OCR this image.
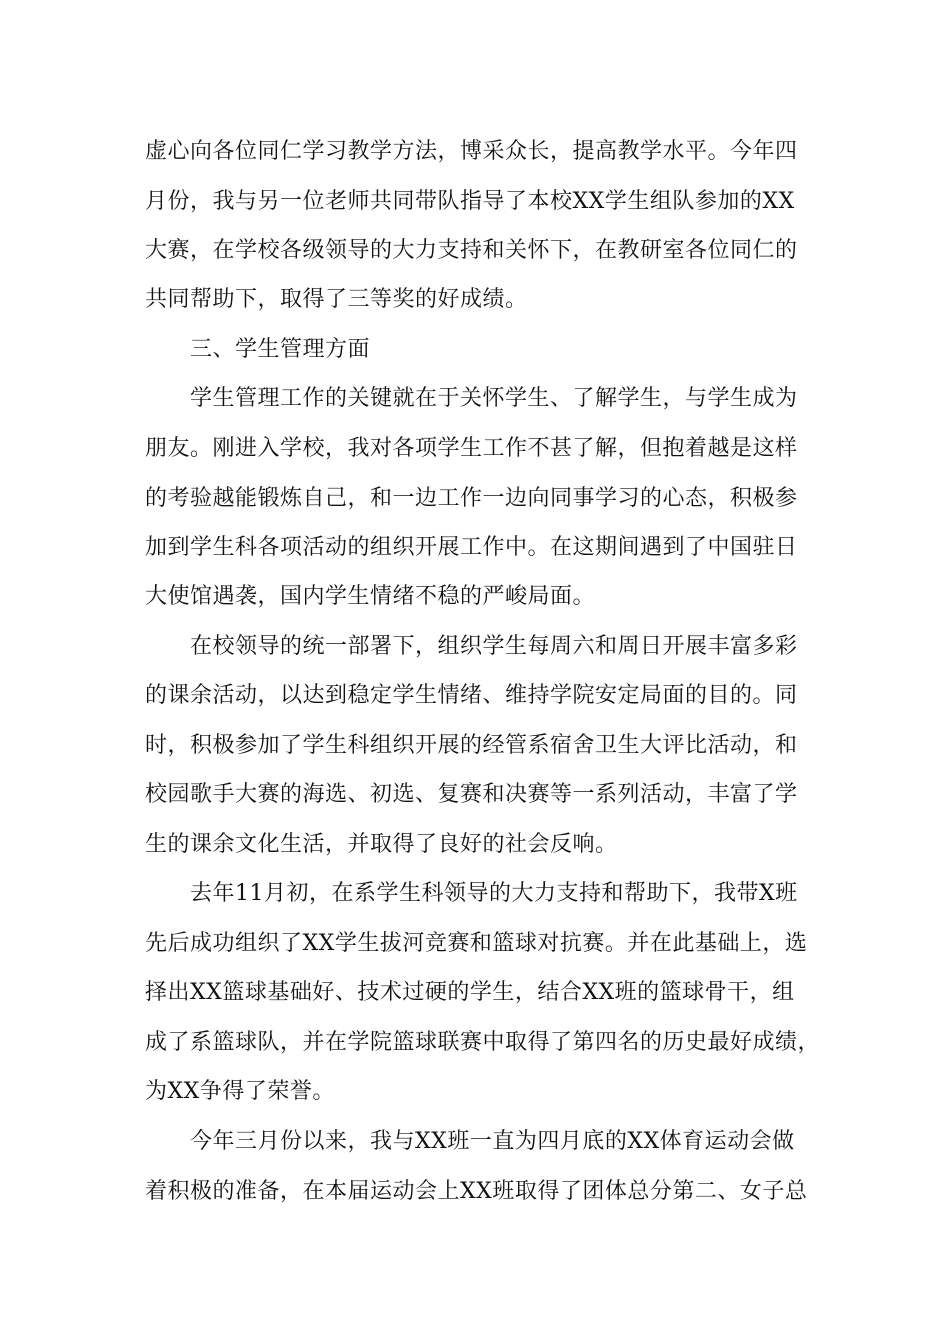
虚心向各位同仁学习教学方法，博采众长，提高教学水平。今年四
月份，我与另一位老师共同带队指导了本校XX学生组队参加的XX
大赛，在学校各级领导的大力支持和关怀下，在教研室各位同仁的
共同帮助下，取得了三等奖的好成绩。
三、学生管理方面
学生管理工作的关键就在于关怀学生、了解学生，与学生成为
朋友。刚进入学校，我对各项学生工作不甚了解，但抱着越是这样
的考验越能锻炼自己，和一边工作一边向同事学习的心态，积极参
加到学生科各项活动的组织开展工作中。在这期间遇到了中国驻日
大使馆遇袭，国内学生情绪不稳的严峻局面。
在校领导的统一部署下，组织学生每周六和周日开展丰富多彩
的课余活动，以达到稳定学生情绪、维持学院安定局面的目的。同
时，积极参加了学生科组织开展的经管系宿舍卫生大评比活动，和
校园歌手大赛的海选、初选、复赛和决赛等一系列活动，丰富了学
生的课余文化生活，并取得了良好的社会反响。
去年11月初，在系学生科领导的大力支持和帮助下，我带X班
先后成功组织了XX学生拔河竞赛和篮球对抗赛。并在此基础上，选
择出XX篮球基础好、技术过硬的学生，结合XX班的篮球骨干，组
成了系篮球队，并在学院篮球联赛中取得了第四名的历史最好成绩，
为XX争得了荣誉。
今年三月份以来，我与XX班一直为四月底的XX体育运动会做
着积极的准备，在本届运动会上XX班取得了团体总分第二、女子总
